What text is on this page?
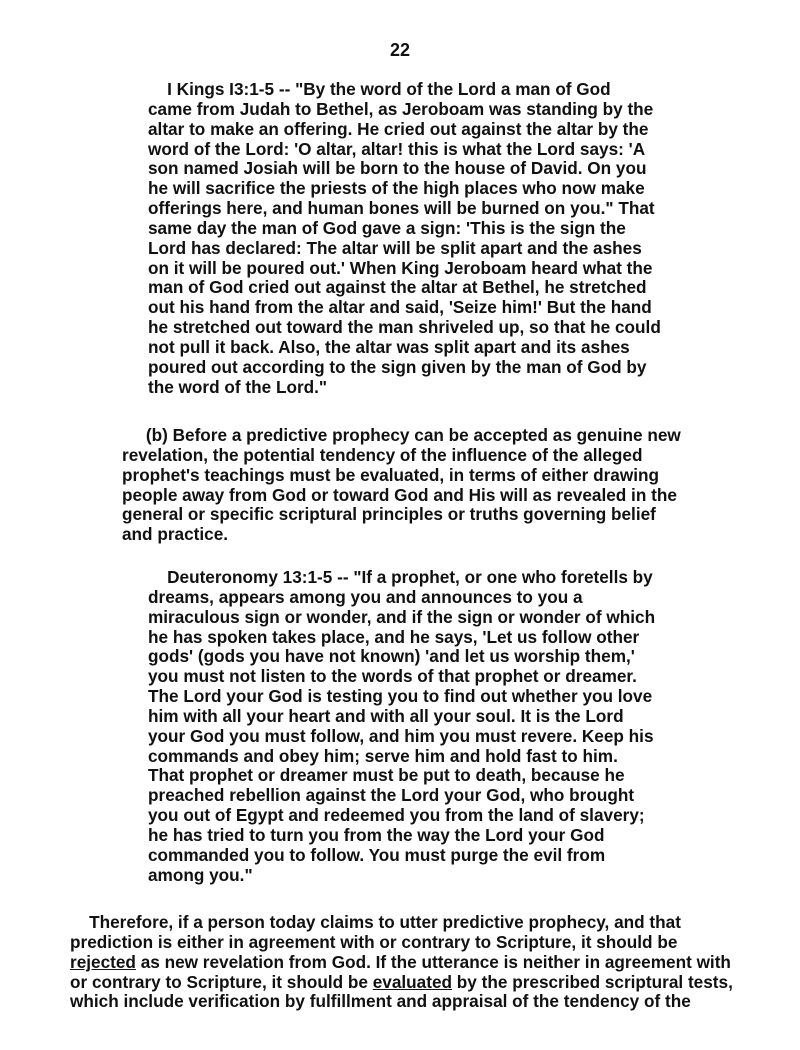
22
I Kings I3:1-5 -- "By the word of the Lord a man of God
came from Judah to Bethel, as Jeroboam was standing by the
altar to make an offering. He cried out against the altar by the
word of the Lord: 'O altar, altar! this is what the Lord says: 'A
son named Josiah will be born to the house of David. On you
he will sacrifice the priests of the high places who now make
offerings here, and human bones will be burned on you." That
same day the man of God gave a sign: 'This is the sign the
Lord has declared: The altar will be split apart and the ashes
on it will be poured out.' When King Jeroboam heard what the
man of God cried out against the altar at Bethel, he stretched
out his hand from the altar and said, 'Seize him!' But the hand
he stretched out toward the man shriveled up, so that he could
not pull it back. Also, the altar was split apart and its ashes
poured out according to the sign given by the man of God by
the word of the Lord."
(b) Before a predictive prophecy can be accepted as genuine new
revelation, the potential tendency of the influence of the alleged
prophet's teachings must be evaluated, in terms of either drawing
people away from God or toward God and His will as revealed in the
general or specific scriptural principles or truths governing belief
and practice.
Deuteronomy 13:1-5 -- "If a prophet, or one who foretells by
dreams, appears among you and announces to you a
miraculous sign or wonder, and if the sign or wonder of which
he has spoken takes place, and he says, 'Let us follow other
gods' (gods you have not known) 'and let us worship them,'
you must not listen to the words of that prophet or dreamer.
The Lord your God is testing you to find out whether you love
him with all your heart and with all your soul. It is the Lord
your God you must follow, and him you must revere. Keep his
commands and obey him; serve him and hold fast to him.
That prophet or dreamer must be put to death, because he
preached rebellion against the Lord your God, who brought
you out of Egypt and redeemed you from the land of slavery;
he has tried to turn you from the way the Lord your God
commanded you to follow. You must purge the evil from
among you."
Therefore, if a person today claims to utter predictive prophecy, and that
prediction is either in agreement with or contrary to Scripture, it should be
rejected as new revelation from God. If the utterance is neither in agreement with
or contrary to Scripture, it should be evaluated by the prescribed scriptural tests,
which include verification by fulfillment and appraisal of the tendency of the
